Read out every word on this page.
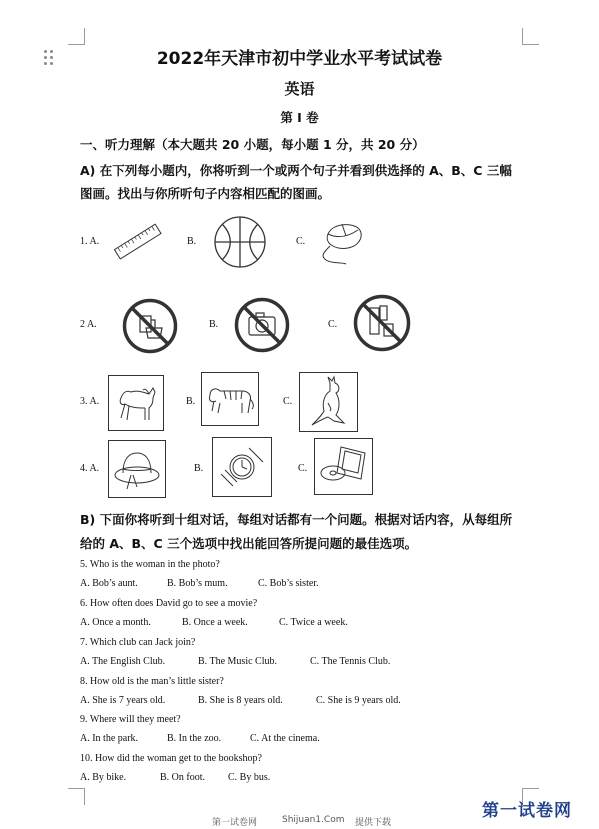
2022年天津市初中学业水平考试试卷
英语
第 I 卷
一、听力理解（本大题共 20 小题，每小题 1 分，共 20 分）
A) 在下列每小题内，你将听到一个或两个句子并看到供选择的 A、B、C 三幅
图画。找出与你所听句子内容相匹配的图画。
1. A.	B.	C.
2 A.	B.	C.
3. A.	B.	C.
4. A.	B.	C.
B) 下面你将听到十组对话，每组对话都有一个问题。根据对话内容，从每组所
给的 A、B、C 三个选项中找出能回答所提问题的最佳选项。
5. Who is the woman in the photo?
A. Bob’s aunt.	B. Bob’s mum.	C. Bob’s sister.
6. How often does David go to see a movie?
A. Once a month.	B. Once a week.	C. Twice a week.
7. Which club can Jack join?
A. The English Club.	B. The Music Club.	C. The Tennis Club.
8. How old is the man’s little sister?
A. She is 7 years old.	B. She is 8 years old.	C. She is 9 years old.
9. Where will they meet?
A. In the park.	B. In the zoo.	C. At the cinema.
10. How did the woman get to the bookshop?
A. By bike.	B. On foot. C. By bus.
第一试卷网	Shijuan1.Com 提供下载
第一试卷网
